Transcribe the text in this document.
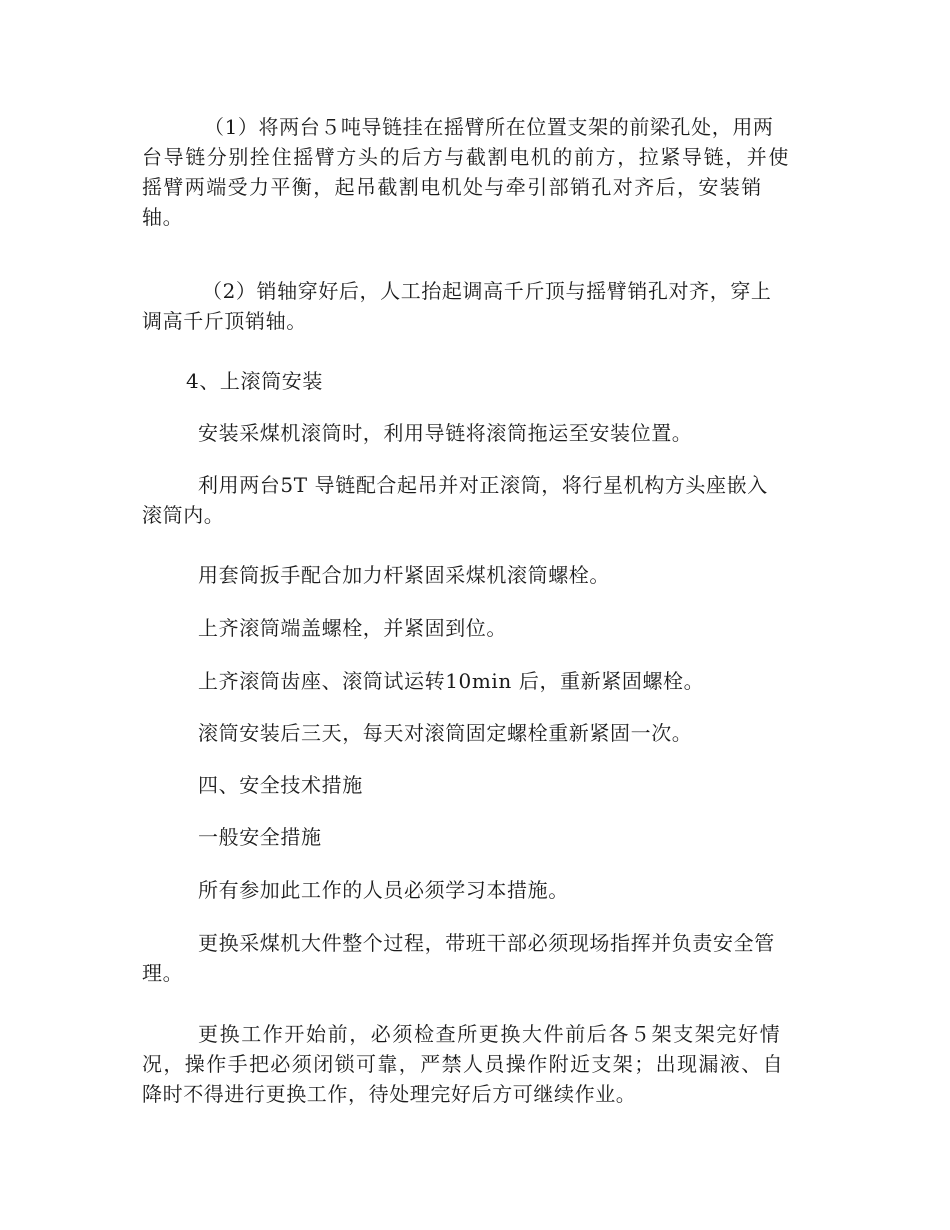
（1）将两台５吨导链挂在摇臂所在位置支架的前梁孔处，用两
台导链分别拴住摇臂方头的后方与截割电机的前方，拉紧导链，并使
摇臂两端受力平衡，起吊截割电机处与牵引部销孔对齐后，安装销
轴。
（2）销轴穿好后，人工抬起调高千斤顶与摇臂销孔对齐，穿上
调高千斤顶销轴。
4、上滚筒安装
安装采煤机滚筒时，利用导链将滚筒拖运至安装位置。
利用两台5T 导链配合起吊并对正滚筒，将行星机构方头座嵌入
滚筒内。
用套筒扳手配合加力杆紧固采煤机滚筒螺栓。
上齐滚筒端盖螺栓，并紧固到位。
上齐滚筒齿座、滚筒试运转10min 后，重新紧固螺栓。
滚筒安装后三天，每天对滚筒固定螺栓重新紧固一次。
四、安全技术措施
一般安全措施
所有参加此工作的人员必须学习本措施。
更换采煤机大件整个过程，带班干部必须现场指挥并负责安全管
理。
更换工作开始前，必须检查所更换大件前后各５架支架完好情
况，操作手把必须闭锁可靠，严禁人员操作附近支架；出现漏液、自
降时不得进行更换工作，待处理完好后方可继续作业。
